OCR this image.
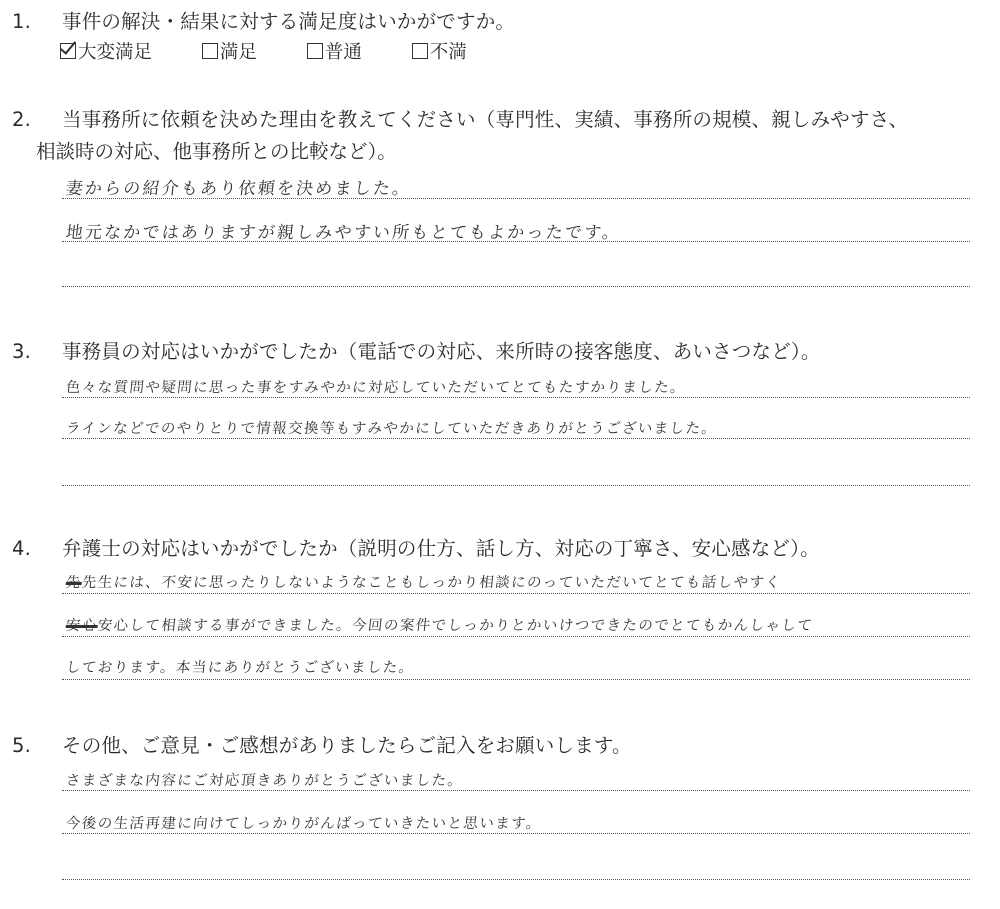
1. 事件の解決・結果に対する満足度はいかがですか。
大変満足	満足	普通	不満
2. 当事務所に依頼を決めた理由を教えてください（専門性、実績、事務所の規模、親しみやすさ、
相談時の対応、他事務所との比較など）。
妻からの紹介もあり依頼を決めました。
地元なかではありますが親しみやすい所もとてもよかったです。
3. 事務員の対応はいかがでしたか（電話での対応、来所時の接客態度、あいさつなど）。
色々な質問や疑問に思った事をすみやかに対応していただいてとてもたすかりました。
ラインなどでのやりとりで情報交換等もすみやかにしていただきありがとうございました。
4. 弁護士の対応はいかがでしたか（説明の仕方、話し方、対応の丁寧さ、安心感など）。
先先生には、不安に思ったりしないようなこともしっかり相談にのっていただいてとても話しやすく
安心安心して相談する事ができました。今回の案件でしっかりとかいけつできたのでとてもかんしゃして
しております。本当にありがとうございました。
5. その他、ご意見・ご感想がありましたらご記入をお願いします。
さまざまな内容にご対応頂きありがとうございました。
今後の生活再建に向けてしっかりがんばっていきたいと思います。
